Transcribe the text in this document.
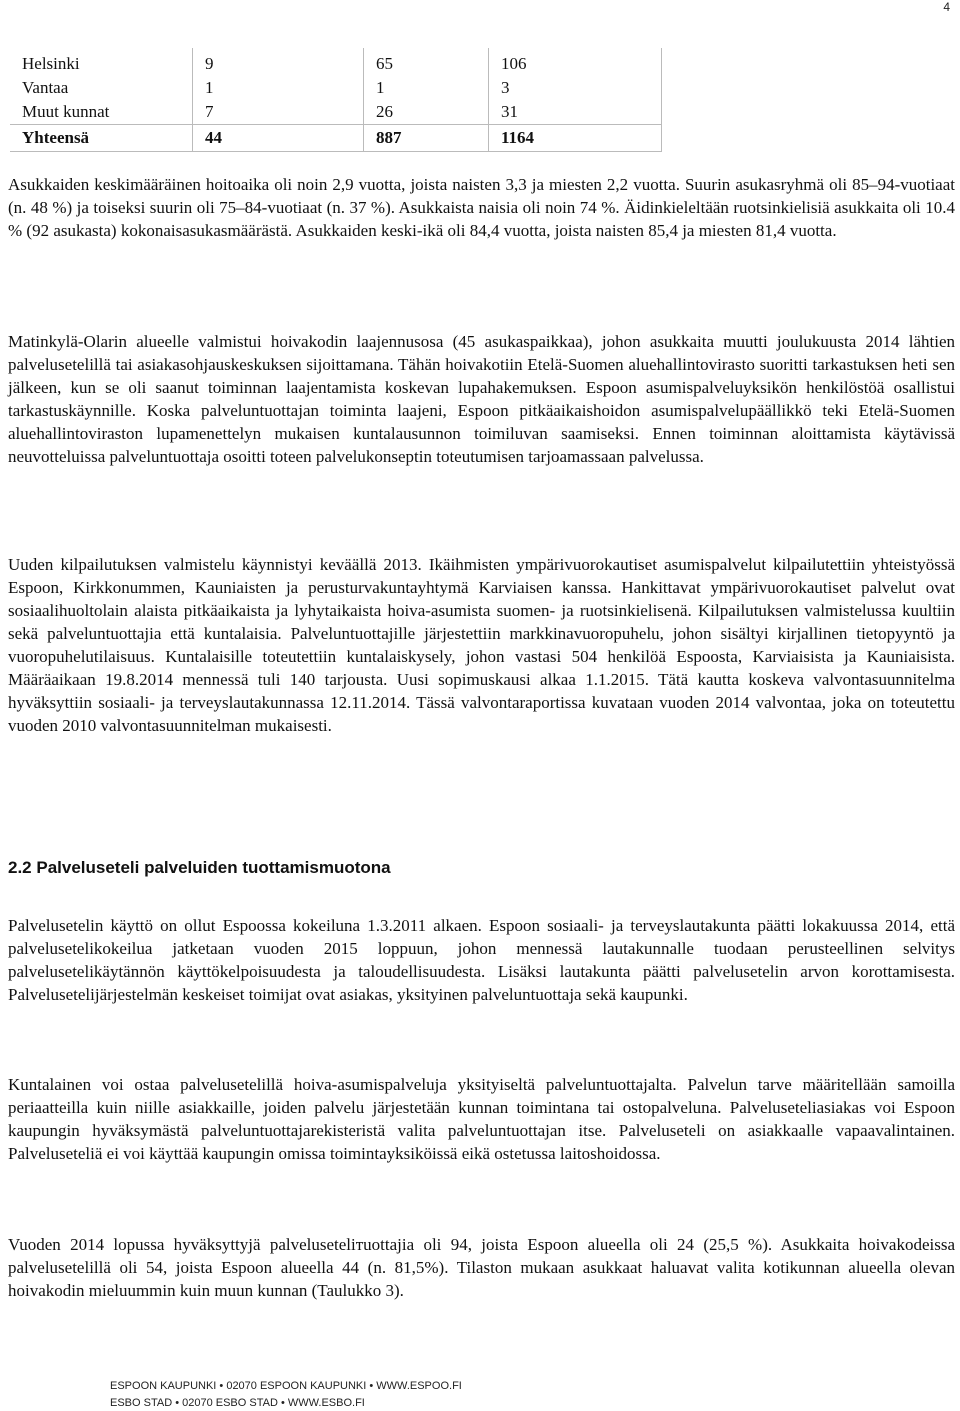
4
Helsinki	9	65	106
Vantaa	1	1	3
Muut kunnat	7	26	31
Yhteensä	44	887	1164

Asukkaiden keskimääräinen hoitoaika oli noin 2,9 vuotta, joista naisten 3,3 ja miesten 2,2 vuotta. Suurin asukasryhmä oli 85–94-vuotiaat (n. 48 %) ja toiseksi suurin oli 75–84-vuotiaat (n. 37 %). Asukkaista naisia oli noin 74 %. Äidinkieleltään ruotsinkielisiä asukkaita oli 10.4 % (92 asukasta) kokonaisasukasmäärästä. Asukkaiden keski-ikä oli 84,4 vuotta, joista naisten 85,4 ja miesten 81,4 vuotta.

Matinkylä-Olarin alueelle valmistui hoivakodin laajennusosa (45 asukaspaikkaa), johon asukkaita muutti joulukuusta 2014 lähtien palvelusetelillä tai asiakasohjauskeskuksen sijoittamana. Tähän hoivakotiin Etelä-Suomen aluehallintovirasto suoritti tarkastuksen heti sen jälkeen, kun se oli saanut toiminnan laajentamista koskevan lupahakemuksen. Espoon asumispalveluyksikön henkilöstöä osallistui tarkastuskäynnille. Koska palveluntuottajan toiminta laajeni, Espoon pitkäaikaishoidon asumispalvelupäällikkö teki Etelä-Suomen aluehallintoviraston lupamenettelyn mukaisen kuntalausunnon toimiluvan saamiseksi. Ennen toiminnan aloittamista käytävissä neuvotteluissa palveluntuottaja osoitti toteen palvelukonseptin toteutumisen tarjoamassaan palvelussa.

Uuden kilpailutuksen valmistelu käynnistyi keväällä 2013. Ikäihmisten ympärivuorokautiset asumispalvelut kilpailutettiin yhteistyössä Espoon, Kirkkonummen, Kauniaisten ja perusturvakuntayhtymä Karviaisen kanssa. Hankittavat ympärivuorokautiset palvelut ovat sosiaalihuoltolain alaista pitkäaikaista ja lyhytaikaista hoiva-asumista suomen- ja ruotsinkielisenä. Kilpailutuksen valmistelussa kuultiin sekä palveluntuottajia että kuntalaisia. Palveluntuottajille järjestettiin markkinavuoropuhelu, johon sisältyi kirjallinen tietopyyntö ja vuoropuhelutilaisuus. Kuntalaisille toteutettiin kuntalaiskysely, johon vastasi 504 henkilöä Espoosta, Karviaisista ja Kauniaisista. Määräaikaan 19.8.2014 mennessä tuli 140 tarjousta. Uusi sopimuskausi alkaa 1.1.2015. Tätä kautta koskeva valvontasuunnitelma hyväksyttiin sosiaali- ja terveyslautakunnassa 12.11.2014. Tässä valvontaraportissa kuvataan vuoden 2014 valvontaa, joka on toteutettu vuoden 2010 valvontasuunnitelman mukaisesti.

2.2 Palveluseteli palveluiden tuottamismuotona

Palvelusetelin käyttö on ollut Espoossa kokeiluna 1.3.2011 alkaen. Espoon sosiaali- ja terveyslautakunta päätti lokakuussa 2014, että palvelusetelikokeilua jatketaan vuoden 2015 loppuun, johon mennessä lautakunnalle tuodaan perusteellinen selvitys palvelusetelikäytännön käyttökelpoisuudesta ja taloudellisuudesta. Lisäksi lautakunta päätti palvelusetelin arvon korottamisesta. Palvelusetelijärjestelmän keskeiset toimijat ovat asiakas, yksityinen palveluntuottaja sekä kaupunki.

Kuntalainen voi ostaa palvelusetelillä hoiva-asumispalveluja yksityiseltä palveluntuottajalta. Palvelun tarve määritellään samoilla periaatteilla kuin niille asiakkaille, joiden palvelu järjestetään kunnan toimintana tai ostopalveluna. Palveluseteliasiakas voi Espoon kaupungin hyväksymästä palveluntuottajarekisteristä valita palveluntuottajan itse. Palveluseteli on asiakkaalle vapaavalintainen. Palveluseteliä ei voi käyttää kaupungin omissa toimintayksiköissä eikä ostetussa laitoshoidossa.

Vuoden 2014 lopussa hyväksyttyjä palveluseteliтuottajia oli 94, joista Espoon alueella oli 24 (25,5 %). Asukkaita hoivakodeissa palvelusetelillä oli 54, joista Espoon alueella 44 (n. 81,5%). Tilaston mukaan asukkaat haluavat valita kotikunnan alueella olevan hoivakodin mieluummin kuin muun kunnan (Taulukko 3).

ESPOON KAUPUNKI • 02070 ESPOON KAUPUNKI • WWW.ESPOO.FI
ESBO STAD • 02070 ESBO STAD • WWW.ESBO.FI
